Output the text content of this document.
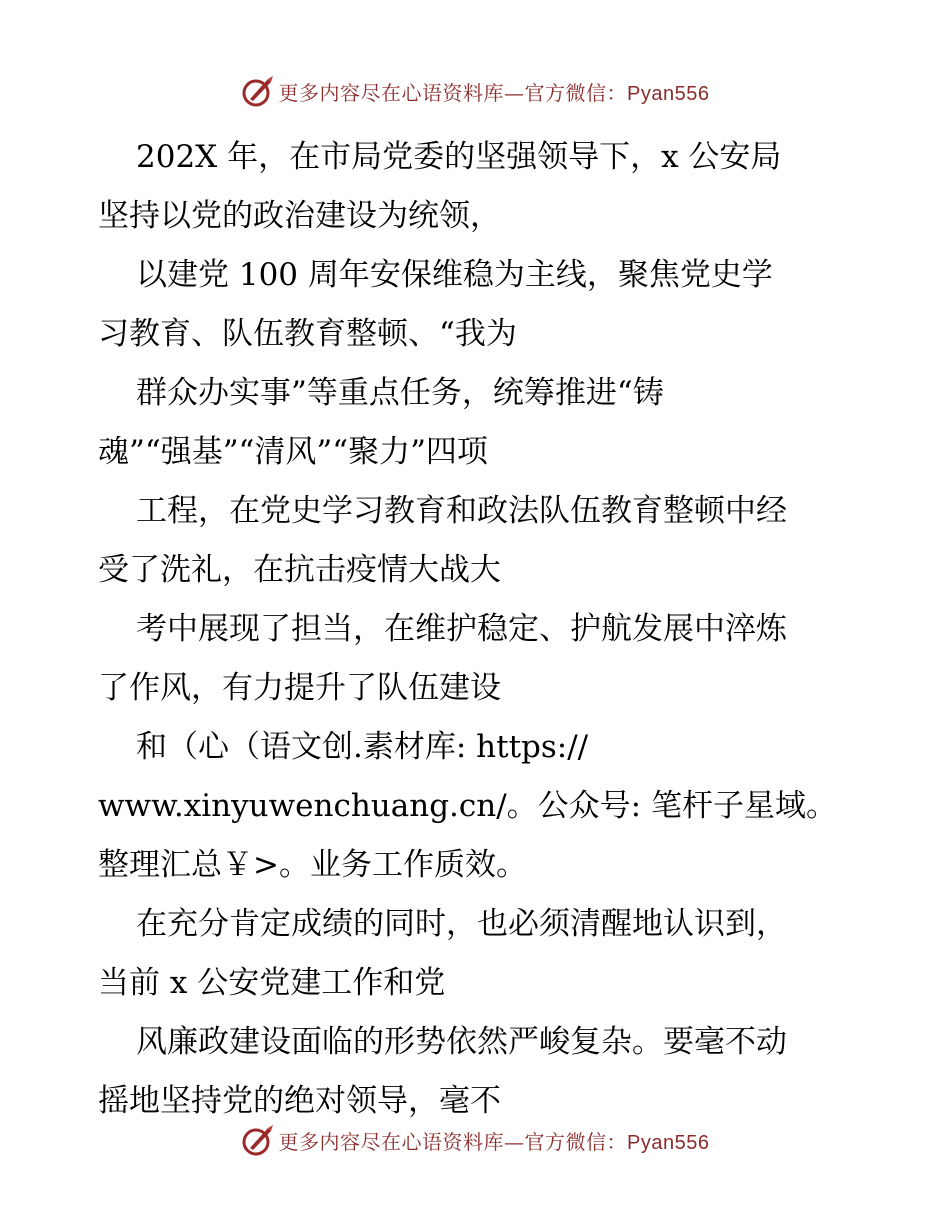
更多内容尽在心语资料库—官方微信：Pyan556

202X 年，在市局党委的坚强领导下，x 公安局
坚持以党的政治建设为统领，

以建党 100 周年安保维稳为主线，聚焦党史学
习教育、队伍教育整顿、“我为

群众办实事”等重点任务，统筹推进“铸
魂”“强基”“清风”“聚力”四项

工程，在党史学习教育和政法队伍教育整顿中经
受了洗礼，在抗击疫情大战大

考中展现了担当，在维护稳定、护航发展中淬炼
了作风，有力提升了队伍建设

和（心（语文创.素材库: https://
www.xinyuwenchuang.cn/。公众号: 笔杆子星域。
整理汇总￥>。业务工作质效。

在充分肯定成绩的同时，也必须清醒地认识到，
当前 x 公安党建工作和党

风廉政建设面临的形势依然严峻复杂。要毫不动
摇地坚持党的绝对领导，毫不

更多内容尽在心语资料库—官方微信：Pyan556
